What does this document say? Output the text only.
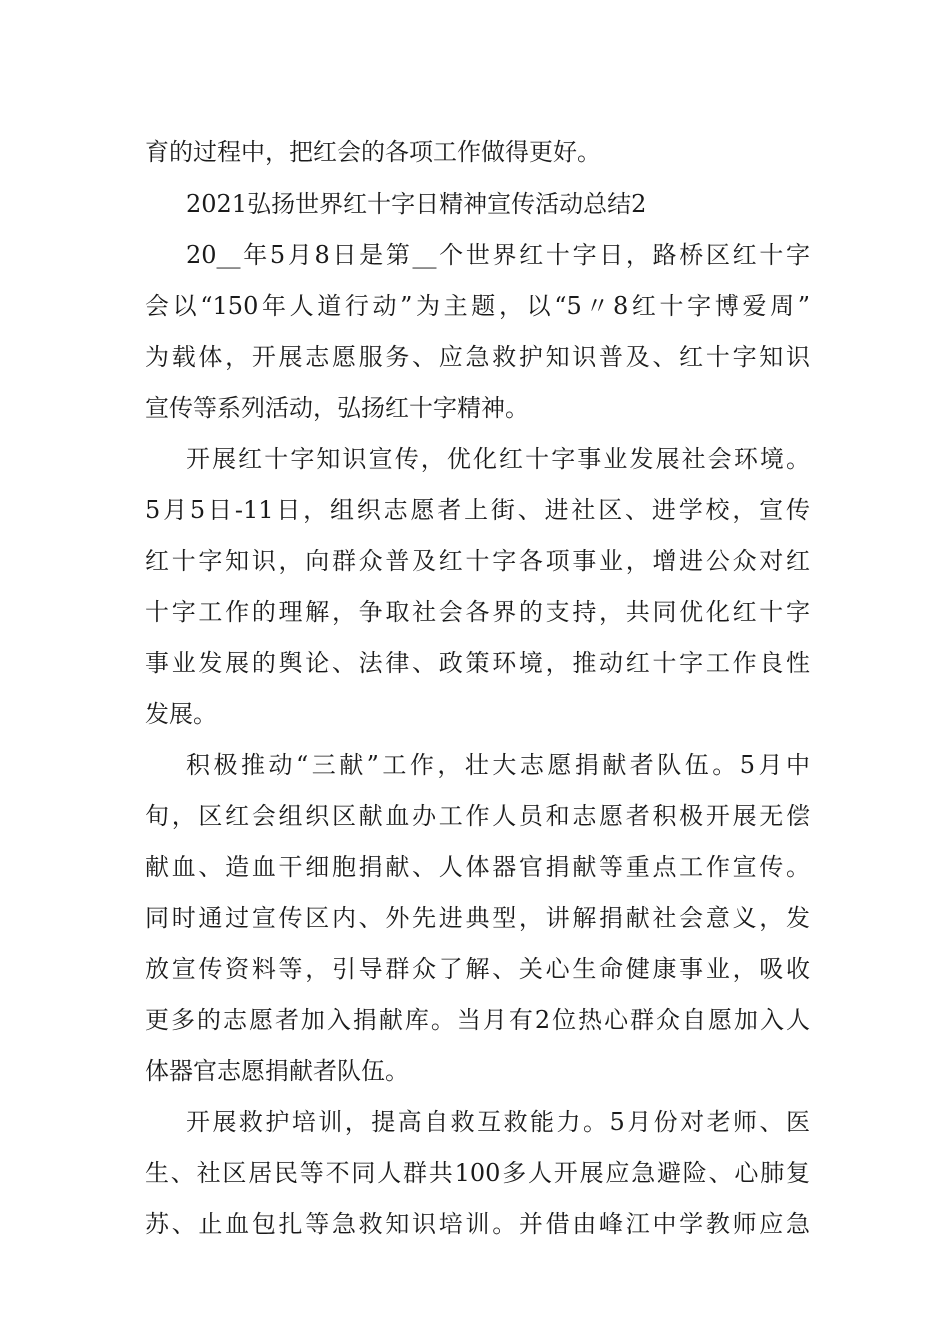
育的过程中，把红会的各项工作做得更好。
2021弘扬世界红十字日精神宣传活动总结2
20__年5月8日是第__个世界红十字日，路桥区红十字
会以“150年人道行动”为主题，以“5〃8红十字博爱周”
为载体，开展志愿服务、应急救护知识普及、红十字知识
宣传等系列活动，弘扬红十字精神。
开展红十字知识宣传，优化红十字事业发展社会环境。
5月5日-11日，组织志愿者上街、进社区、进学校，宣传
红十字知识，向群众普及红十字各项事业，增进公众对红
十字工作的理解，争取社会各界的支持，共同优化红十字
事业发展的舆论、法律、政策环境，推动红十字工作良性
发展。
积极推动“三献”工作，壮大志愿捐献者队伍。5月中
旬，区红会组织区献血办工作人员和志愿者积极开展无偿
献血、造血干细胞捐献、人体器官捐献等重点工作宣传。
同时通过宣传区内、外先进典型，讲解捐献社会意义，发
放宣传资料等，引导群众了解、关心生命健康事业，吸收
更多的志愿者加入捐献库。当月有2位热心群众自愿加入人
体器官志愿捐献者队伍。
开展救护培训，提高自救互救能力。5月份对老师、医
生、社区居民等不同人群共100多人开展应急避险、心肺复
苏、止血包扎等急救知识培训。并借由峰江中学教师应急
